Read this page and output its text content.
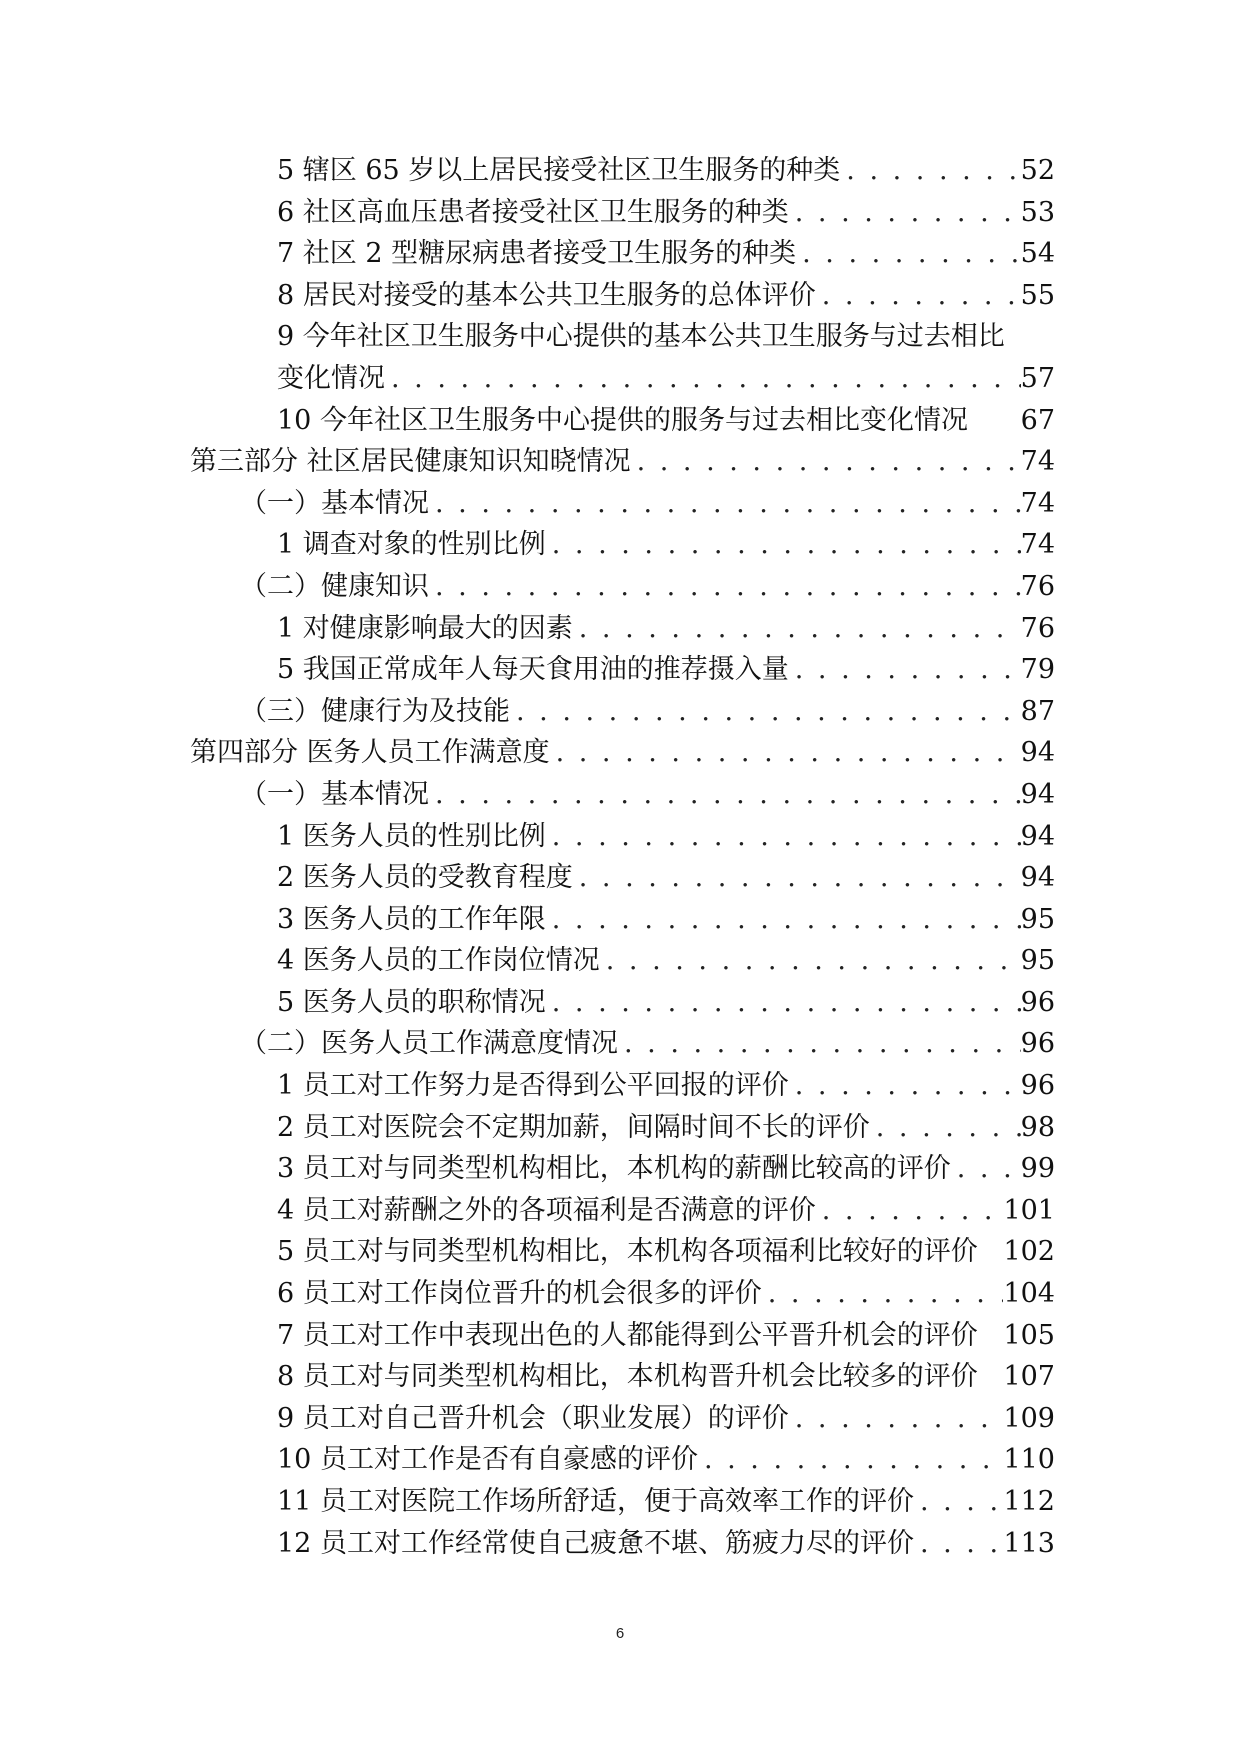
5 辖区 65 岁以上居民接受社区卫生服务的种类 . . .	52
6 社区高血压患者接受社区卫生服务的种类 . . .	53
7 社区 2 型糖尿病患者接受卫生服务的种类 . . .	54
8 居民对接受的基本公共卫生服务的总体评价 . . .	55
9 今年社区卫生服务中心提供的基本公共卫生服务与过去相比
变化情况 . . .	57
10 今年社区卫生服务中心提供的服务与过去相比变化情况 67
第三部分 社区居民健康知识知晓情况 . . .	74
（一）基本情况 . . .	74
1 调查对象的性别比例 . . .	74
（二）健康知识 . . .	76
1 对健康影响最大的因素 . . .	76
5 我国正常成年人每天食用油的推荐摄入量 . . .	79
（三）健康行为及技能 . . .	87
第四部分 医务人员工作满意度 . . .	94
（一）基本情况 . . .	94
1 医务人员的性别比例 . . .	94
2 医务人员的受教育程度 . . .	94
3 医务人员的工作年限 . . .	95
4 医务人员的工作岗位情况 . . .	95
5 医务人员的职称情况 . . .	96
（二）医务人员工作满意度情况 . . .	96
1 员工对工作努力是否得到公平回报的评价 . . .	96
2 员工对医院会不定期加薪，间隔时间不长的评价 . . .	98
3 员工对与同类型机构相比，本机构的薪酬比较高的评价 . . .	99
4 员工对薪酬之外的各项福利是否满意的评价 . . .	101
5 员工对与同类型机构相比，本机构各项福利比较好的评价 102
6 员工对工作岗位晋升的机会很多的评价 . . .	104
7 员工对工作中表现出色的人都能得到公平晋升机会的评价 105
8 员工对与同类型机构相比，本机构晋升机会比较多的评价 107
9 员工对自己晋升机会（职业发展）的评价 . . .	109
10 员工对工作是否有自豪感的评价 . . .	110
11 员工对医院工作场所舒适，便于高效率工作的评价 . . .	112
12 员工对工作经常使自己疲惫不堪、筋疲力尽的评价 . . .	113
6
